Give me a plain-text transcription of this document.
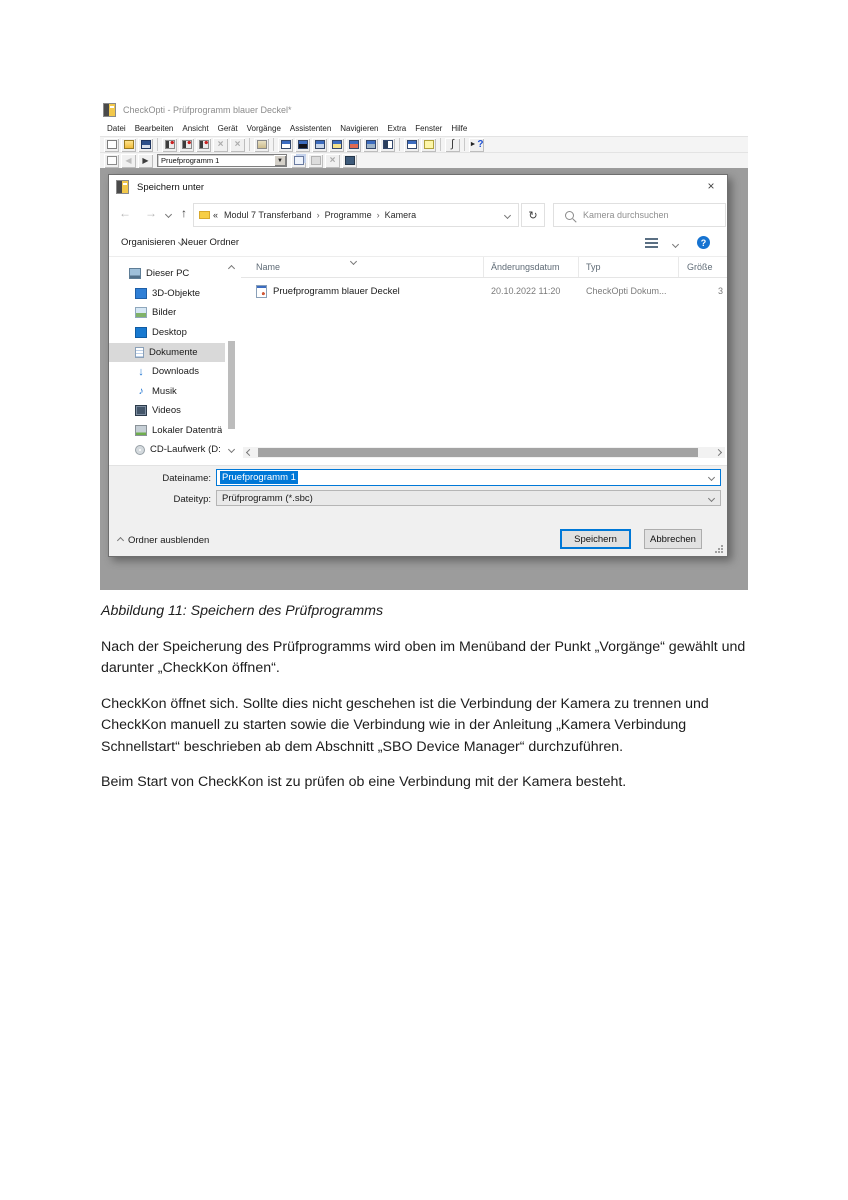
CheckOpti - Prüfprogramm blauer Deckel*
Datei	Bearbeiten	Ansicht	Gerät	Vorgänge	Assistenten	Navigieren	Extra	Fenster	Hilfe
× ×	∫ ► ?
◀ ▶	Pruefprogramm 1	▼	×
Speichern unter	×
← → ↑	« Modul 7 Transferband › Programme › Kamera	↻
Kamera durchsuchen
Organisieren Neuer Ordner	?
Dieser PC
3D-Objekte
Bilder
Desktop
Dokumente
↓ Downloads
♪ Musik
Videos
Lokaler Datenträ
CD-Laufwerk (D:
Name	Änderungsdatum	Typ	Größe
Pruefprogramm blauer Deckel	20.10.2022 11:20	CheckOpti Dokum...	3
Dateiname: Pruefprogramm 1
Dateityp: Prüfprogramm (*.sbc)
Ordner ausblenden	Speichern	Abbrechen

Abbildung 11: Speichern des Prüfprogramms

Nach der Speicherung des Prüfprogramms wird oben im Menüband der Punkt „Vorgänge“ gewählt und darunter „CheckKon öffnen“.

CheckKon öffnet sich. Sollte dies nicht geschehen ist die Verbindung der Kamera zu trennen und CheckKon manuell zu starten sowie die Verbindung wie in der Anleitung „Kamera Verbindung Schnellstart“ beschrieben ab dem Abschnitt „SBO Device Manager“ durchzuführen.

Beim Start von CheckKon ist zu prüfen ob eine Verbindung mit der Kamera besteht.
